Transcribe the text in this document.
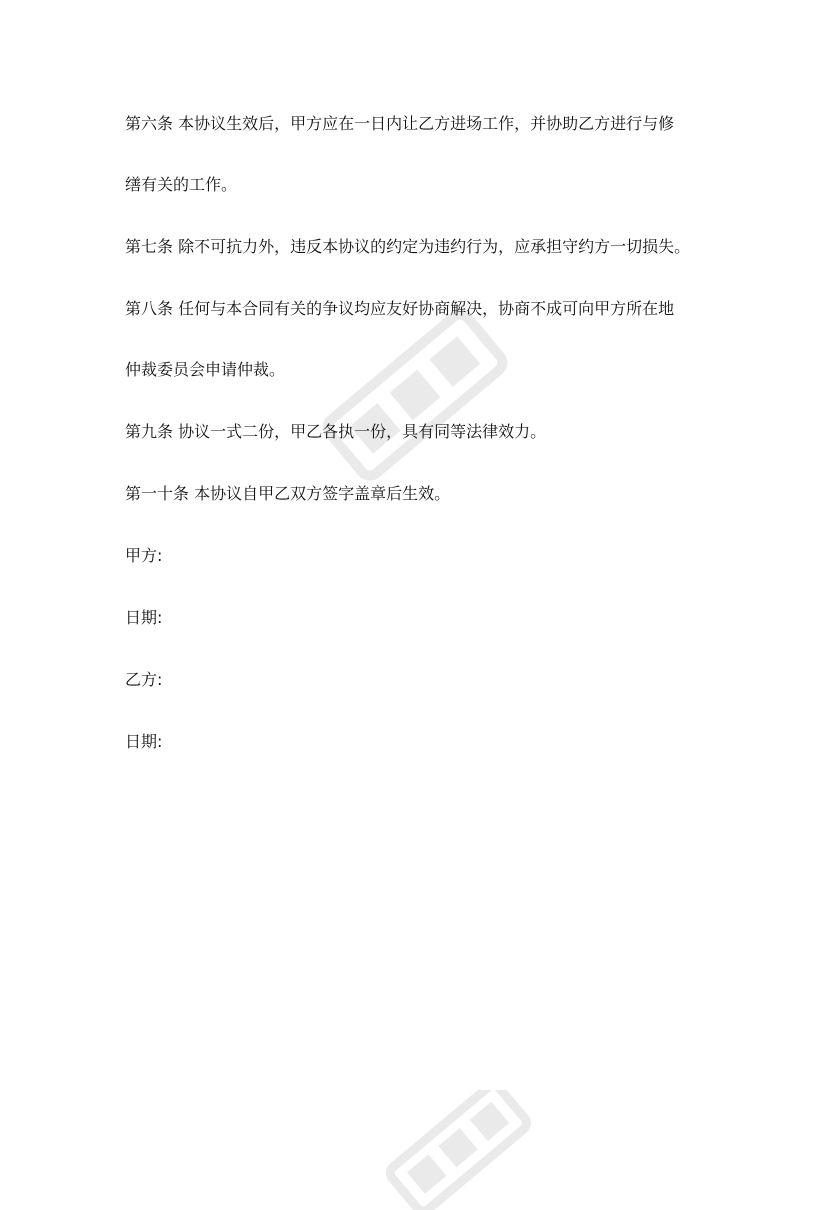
第六条 本协议生效后，甲方应在一日内让乙方进场工作，并协助乙方进行与修

缮有关的工作。

第七条 除不可抗力外，违反本协议的约定为违约行为，应承担守约方一切损失。

第八条 任何与本合同有关的争议均应友好协商解决，协商不成可向甲方所在地

仲裁委员会申请仲裁。

第九条 协议一式二份，甲乙各执一份，具有同等法律效力。

第一十条 本协议自甲乙双方签字盖章后生效。

甲方:

日期:

乙方:

日期:
